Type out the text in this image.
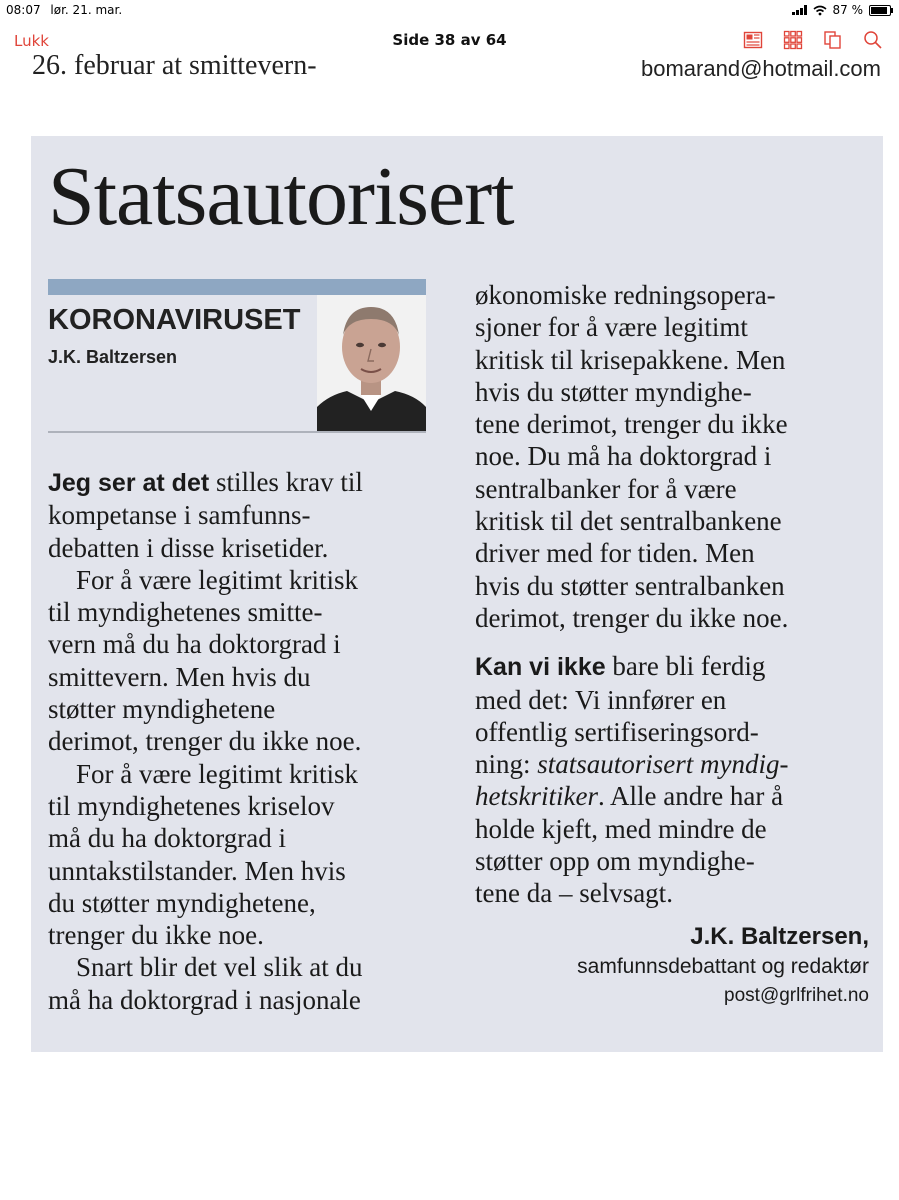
08:07 lør. 21. mar.	87 %
Lukk	Side 38 av 64
26. februar at smittevern-	bomarand@hotmail.com
Statsautorisert
KORONAVIRUSET
J.K. Baltzersen

Jeg ser at det stilles krav til

kompetanse i samfunns-

debatten i disse krisetider.

For å være legitimt kritisk

til myndighetenes smitte-

vern må du ha doktorgrad i

smittevern. Men hvis du

støtter myndighetene

derimot, trenger du ikke noe.

For å være legitimt kritisk

til myndighetenes kriselov

må du ha doktorgrad i

unntakstilstander. Men hvis

du støtter myndighetene,

trenger du ikke noe.

Snart blir det vel slik at du

må ha doktorgrad i nasjonale

økonomiske redningsopera-

sjoner for å være legitimt

kritisk til krisepakkene. Men

hvis du støtter myndighe-

tene derimot, trenger du ikke

noe. Du må ha doktorgrad i

sentralbanker for å være

kritisk til det sentralbankene

driver med for tiden. Men

hvis du støtter sentralbanken

derimot, trenger du ikke noe.

Kan vi ikke bare bli ferdig

med det: Vi innfører en

offentlig sertifiseringsord-

ning: statsautorisert myndig-

hetskritiker. Alle andre har å

holde kjeft, med mindre de

støtter opp om myndighe-

tene da – selvsagt.

J.K. Baltzersen,
samfunnsdebattant og redaktør
post@grlfrihet.no
